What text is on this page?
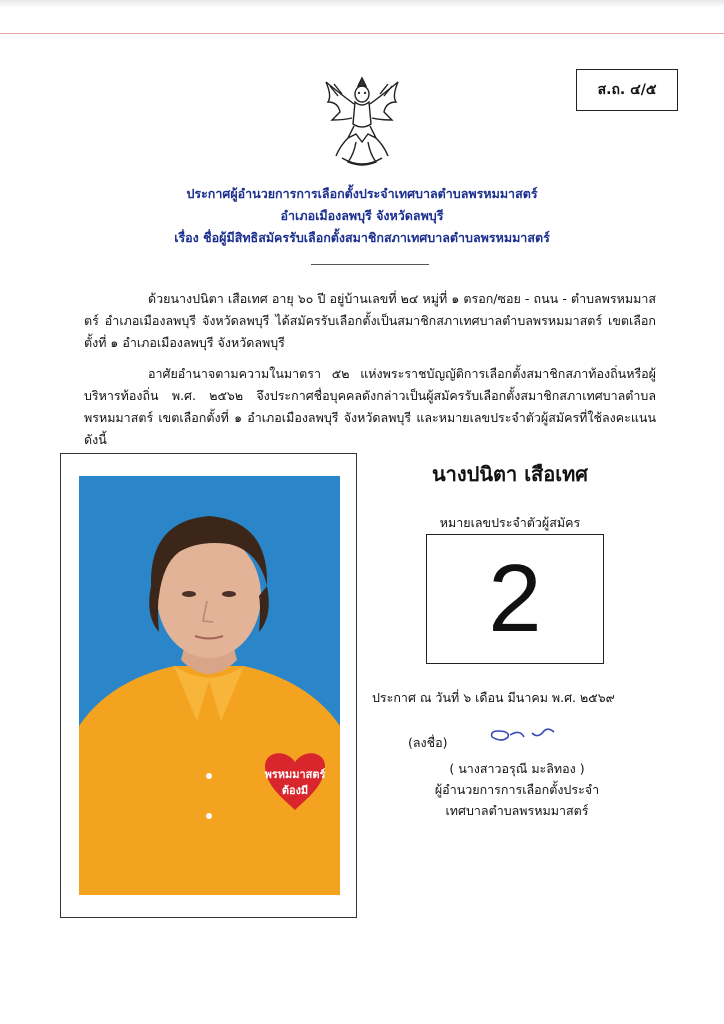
ส.ถ. ๔/๕
ประกาศผู้อำนวยการการเลือกตั้งประจำเทศบาลตำบลพรหมมาสตร์
อำเภอเมืองลพบุรี จังหวัดลพบุรี
เรื่อง ชื่อผู้มีสิทธิสมัครรับเลือกตั้งสมาชิกสภาเทศบาลตำบลพรหมมาสตร์
ด้วยนางปนิตา เสือเทศ อายุ ๖๐ ปี อยู่บ้านเลขที่ ๒๔ หมู่ที่ ๑ ตรอก/ซอย - ถนน - ตำบลพรหมมาสตร์ อำเภอเมืองลพบุรี จังหวัดลพบุรี ได้สมัครรับเลือกตั้งเป็นสมาชิกสภาเทศบาลตำบลพรหมมาสตร์ เขตเลือกตั้งที่ ๑ อำเภอเมืองลพบุรี จังหวัดลพบุรี
อาศัยอำนาจตามความในมาตรา ๕๒ แห่งพระราชบัญญัติการเลือกตั้งสมาชิกสภาท้องถิ่นหรือผู้บริหารท้องถิ่น พ.ศ. ๒๕๖๒ จึงประกาศชื่อบุคคลดังกล่าวเป็นผู้สมัครรับเลือกตั้งสมาชิกสภาเทศบาลตำบลพรหมมาสตร์ เขตเลือกตั้งที่ ๑ อำเภอเมืองลพบุรี จังหวัดลพบุรี และหมายเลขประจำตัวผู้สมัครที่ใช้ลงคะแนน ดังนี้
พรหมมาสตร์
ต้องมี
นางปนิตา เสือเทศ
หมายเลขประจำตัวผู้สมัคร
2
ประกาศ ณ วันที่ ๖ เดือน มีนาคม พ.ศ. ๒๕๖๙
(ลงชื่อ)
( นางสาวอรุณี มะลิทอง )
ผู้อำนวยการการเลือกตั้งประจำ
เทศบาลตำบลพรหมมาสตร์
